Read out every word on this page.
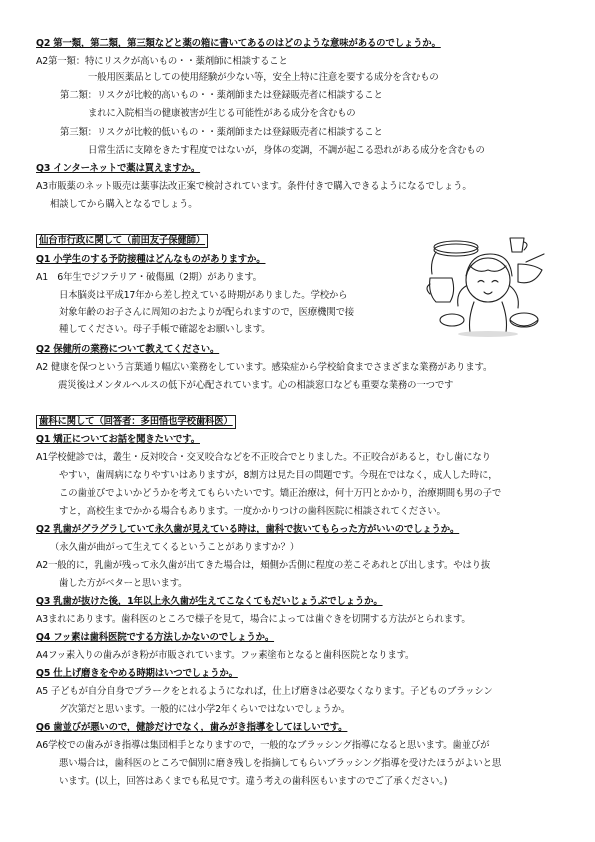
Q2 第一類，第二類，第三類などと薬の箱に書いてあるのはどのような意味があるのでしょうか。
A2第一類：特にリスクが高いもの・・薬剤師に相談すること
一般用医薬品としての使用経験が少ない等，安全上特に注意を要する成分を含むもの
第二類：リスクが比較的高いもの・・薬剤師または登録販売者に相談すること
まれに入院相当の健康被害が生じる可能性がある成分を含むもの
第三類：リスクが比較的低いもの・・薬剤師または登録販売者に相談すること
日常生活に支障をきたす程度ではないが，身体の変調，不調が起こる恐れがある成分を含むもの
Q3 インターネットで薬は買えますか。
A3市販薬のネット販売は薬事法改正案で検討されています。条件付きで購入できるようになるでしょう。
相談してから購入となるでしょう。
仙台市行政に関して（前田友子保健師）
Q1 小学生のする予防接種はどんなものがありますか。
A1　6年生でジフテリア・破傷風（2期）があります。
日本脳炎は平成17年から差し控えている時期がありました。学校から
対象年齢のお子さんに周知のおたよりが配られますので，医療機関で接
種してください。母子手帳で確認をお願いします。
Q2 保健所の業務について教えてください。
A2 健康を保つという言葉通り幅広い業務をしています。感染症から学校給食までさまざまな業務があります。
震災後はメンタルヘルスの低下が心配されています。心の相談窓口なども重要な業務の一つです
歯科に関して（回答者：多田悟也学校歯科医）
Q1 矯正についてお話を聞きたいです。
A1学校健診では，叢生・反対咬合・交叉咬合などを不正咬合でとりました。不正咬合があると，むし歯になり
やすい，歯周病になりやすいはありますが，8割方は見た目の問題です。今現在ではなく，成人した時に，
この歯並びでよいかどうかを考えてもらいたいです。矯正治療は，何十万円とかかり，治療期間も男の子で
すと，高校生までかかる場合もあります。一度かかりつけの歯科医院に相談されてください。
Q2 乳歯がグラグラしていて永久歯が見えている時は，歯科で抜いてもらった方がいいのでしょうか。
（永久歯が曲がって生えてくるということがありますか？）
A2一般的に，乳歯が残って永久歯が出てきた場合は，頬側か舌側に程度の差こそあれとび出します。やはり抜
歯した方がベターと思います。
Q3 乳歯が抜けた後，1年以上永久歯が生えてこなくてもだいじょうぶでしょうか。
A3まれにあります。歯科医のところで様子を見て，場合によっては歯ぐきを切開する方法がとられます。
Q4 フッ素は歯科医院でする方法しかないのでしょうか。
A4フッ素入りの歯みがき粉が市販されています。フッ素塗布となると歯科医院となります。
Q5 仕上げ磨きをやめる時期はいつでしょうか。
A5 子どもが自分自身でプラークをとれるようになれば，仕上げ磨きは必要なくなります。子どものブラッシン
グ次第だと思います。一般的には小学2年くらいではないでしょうか。
Q6 歯並びが悪いので，健診だけでなく，歯みがき指導をしてほしいです。
A6学校での歯みがき指導は集団相手となりますので，一般的なブラッシング指導になると思います。歯並びが
悪い場合は，歯科医のところで個別に磨き残しを指摘してもらいブラッシング指導を受けたほうがよいと思
います。(以上，回答はあくまでも私見です。違う考えの歯科医もいますのでご了承ください。)
